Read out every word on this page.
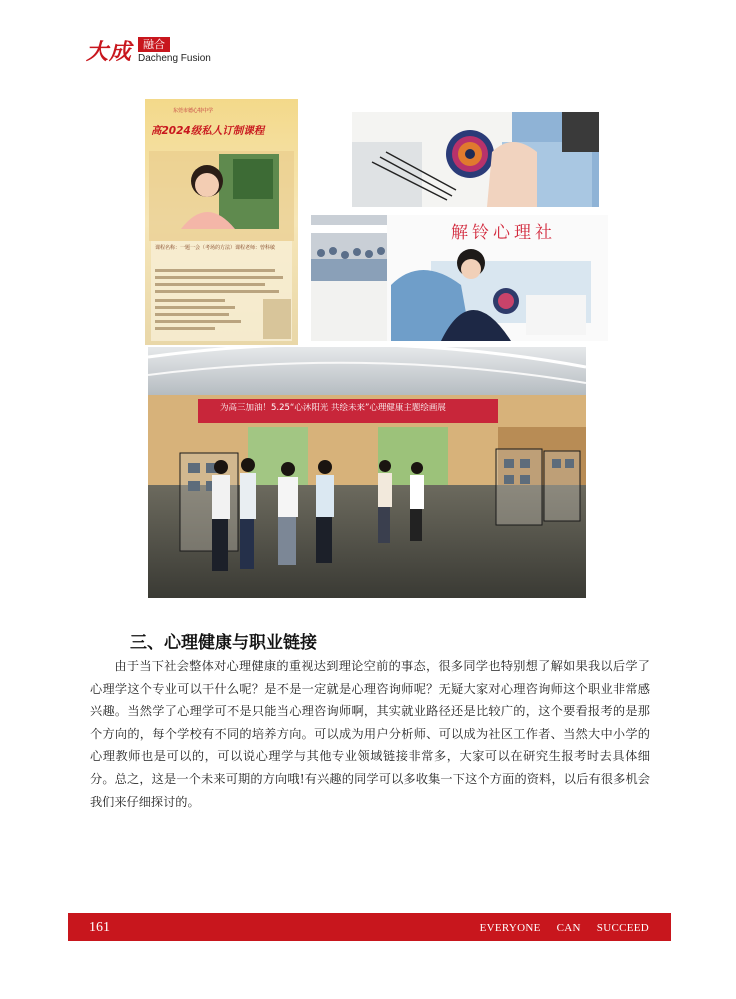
大成 融合
Dacheng Fusion
东莞市德心特中学
高2024级私人订制课程
课程名称：一题一会（考场的方法）课程老师：曾科敏
解铃心理社
为高三加油！5.25“心沐阳光 共绘未来”心理健康主题绘画展
三、心理健康与职业链接

由于当下社会整体对心理健康的重视达到理论空前的事态，很多同学也特别想了解如果我以后学了心理学这个专业可以干什么呢？是不是一定就是心理咨询师呢？无疑大家对心理咨询师这个职业非常感兴趣。当然学了心理学可不是只能当心理咨询师啊，其实就业路径还是比较广的，这个要看报考的是那个方向的，每个学校有不同的培养方向。可以成为用户分析师、可以成为社区工作者、当然大中小学的心理教师也是可以的，可以说心理学与其他专业领域链接非常多，大家可以在研究生报考时去具体细分。总之，这是一个未来可期的方向哦!有兴趣的同学可以多收集一下这个方面的资料，以后有很多机会我们来仔细探讨的。

161	EVERYONE CAN SUCCEED
